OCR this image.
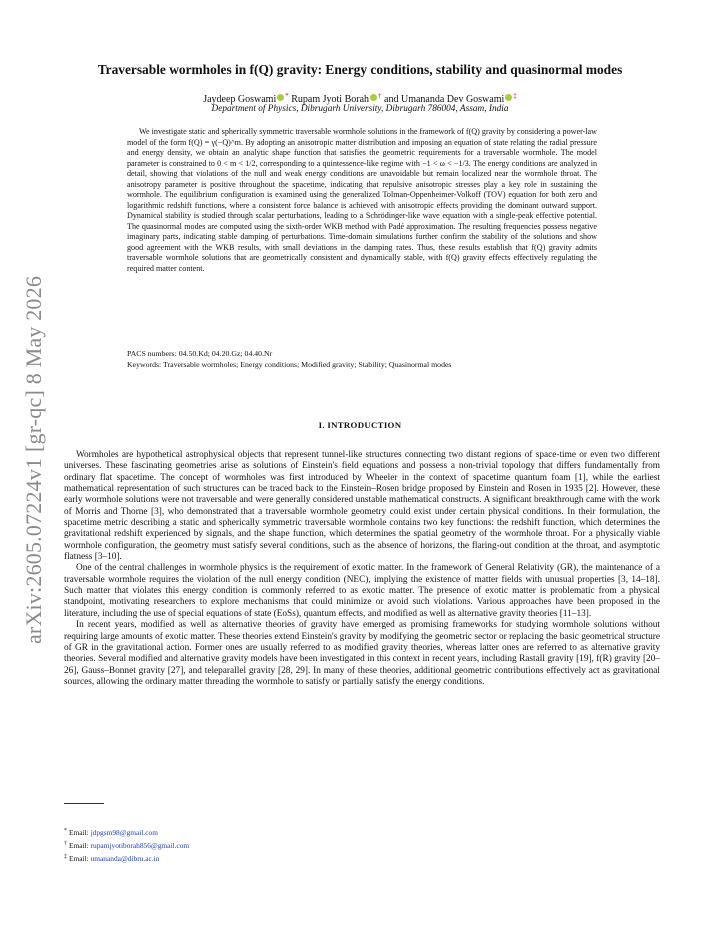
arXiv:2605.07224v1 [gr-qc] 8 May 2026
Traversable wormholes in f(Q) gravity: Energy conditions, stability and quasinormal modes
Jaydeep Goswami * Rupam Jyoti Borah † and Umananda Dev Goswami ‡
Department of Physics, Dibrugarh University, Dibrugarh 786004, Assam, India

We investigate static and spherically symmetric traversable wormhole solutions in the framework of f(Q) gravity by considering a power-law model of the form f(Q) = γ(−Q)^m. By adopting an anisotropic matter distribution and imposing an equation of state relating the radial pressure and energy density, we obtain an analytic shape function that satisfies the geometric requirements for a traversable wormhole. The model parameter is constrained to 0 < m < 1/2, corresponding to a quintessence-like regime with −1 < ω < −1/3. The energy conditions are analyzed in detail, showing that violations of the null and weak energy conditions are unavoidable but remain localized near the wormhole throat. The anisotropy parameter is positive throughout the spacetime, indicating that repulsive anisotropic stresses play a key role in sustaining the wormhole. The equilibrium configuration is examined using the generalized Tolman-Oppenheimer-Volkoff (TOV) equation for both zero and logarithmic redshift functions, where a consistent force balance is achieved with anisotropic effects providing the dominant outward support. Dynamical stability is studied through scalar perturbations, leading to a Schrödinger-like wave equation with a single-peak effective potential. The quasinormal modes are computed using the sixth-order WKB method with Padé approximation. The resulting frequencies possess negative imaginary parts, indicating stable damping of perturbations. Time-domain simulations further confirm the stability of the solutions and show good agreement with the WKB results, with small deviations in the damping rates. Thus, these results establish that f(Q) gravity admits traversable wormhole solutions that are geometrically consistent and dynamically stable, with f(Q) gravity effects effectively regulating the required matter content.

PACS numbers: 04.50.Kd; 04.20.Gz; 04.40.Nr
Keywords: Traversable wormholes; Energy conditions; Modified gravity; Stability; Quasinormal modes
I. INTRODUCTION

Wormholes are hypothetical astrophysical objects that represent tunnel-like structures connecting two distant regions of space-time or even two different universes. These fascinating geometries arise as solutions of Einstein's field equations and possess a non-trivial topology that differs fundamentally from ordinary flat spacetime. The concept of wormholes was first introduced by Wheeler in the context of spacetime quantum foam [1], while the earliest mathematical representation of such structures can be traced back to the Einstein–Rosen bridge proposed by Einstein and Rosen in 1935 [2]. However, these early wormhole solutions were not traversable and were generally considered unstable mathematical constructs. A significant breakthrough came with the work of Morris and Thorne [3], who demonstrated that a traversable wormhole geometry could exist under certain physical conditions. In their formulation, the spacetime metric describing a static and spherically symmetric traversable wormhole contains two key functions: the redshift function, which determines the gravitational redshift experienced by signals, and the shape function, which determines the spatial geometry of the wormhole throat. For a physically viable wormhole configuration, the geometry must satisfy several conditions, such as the absence of horizons, the flaring-out condition at the throat, and asymptotic flatness [3–10].

One of the central challenges in wormhole physics is the requirement of exotic matter. In the framework of General Relativity (GR), the maintenance of a traversable wormhole requires the violation of the null energy condition (NEC), implying the existence of matter fields with unusual properties [3, 14–18]. Such matter that violates this energy condition is commonly referred to as exotic matter. The presence of exotic matter is problematic from a physical standpoint, motivating researchers to explore mechanisms that could minimize or avoid such violations. Various approaches have been proposed in the literature, including the use of special equations of state (EoSs), quantum effects, and modified as well as alternative gravity theories [11–13].

In recent years, modified as well as alternative theories of gravity have emerged as promising frameworks for studying wormhole solutions without requiring large amounts of exotic matter. These theories extend Einstein's gravity by modifying the geometric sector or replacing the basic geometrical structure of GR in the gravitational action. Former ones are usually referred to as modified gravity theories, whereas latter ones are referred to as alternative gravity theories. Several modified and alternative gravity models have been investigated in this context in recent years, including Rastall gravity [19], f(R) gravity [20–26], Gauss–Bonnet gravity [27], and teleparallel gravity [28, 29]. In many of these theories, additional geometric contributions effectively act as gravitational sources, allowing the ordinary matter threading the wormhole to satisfy or partially satisfy the energy conditions.

* Email: jdpgsm98@gmail.com
† Email: rupamjyotiborah856@gmail.com
‡ Email: umananda@dibru.ac.in
